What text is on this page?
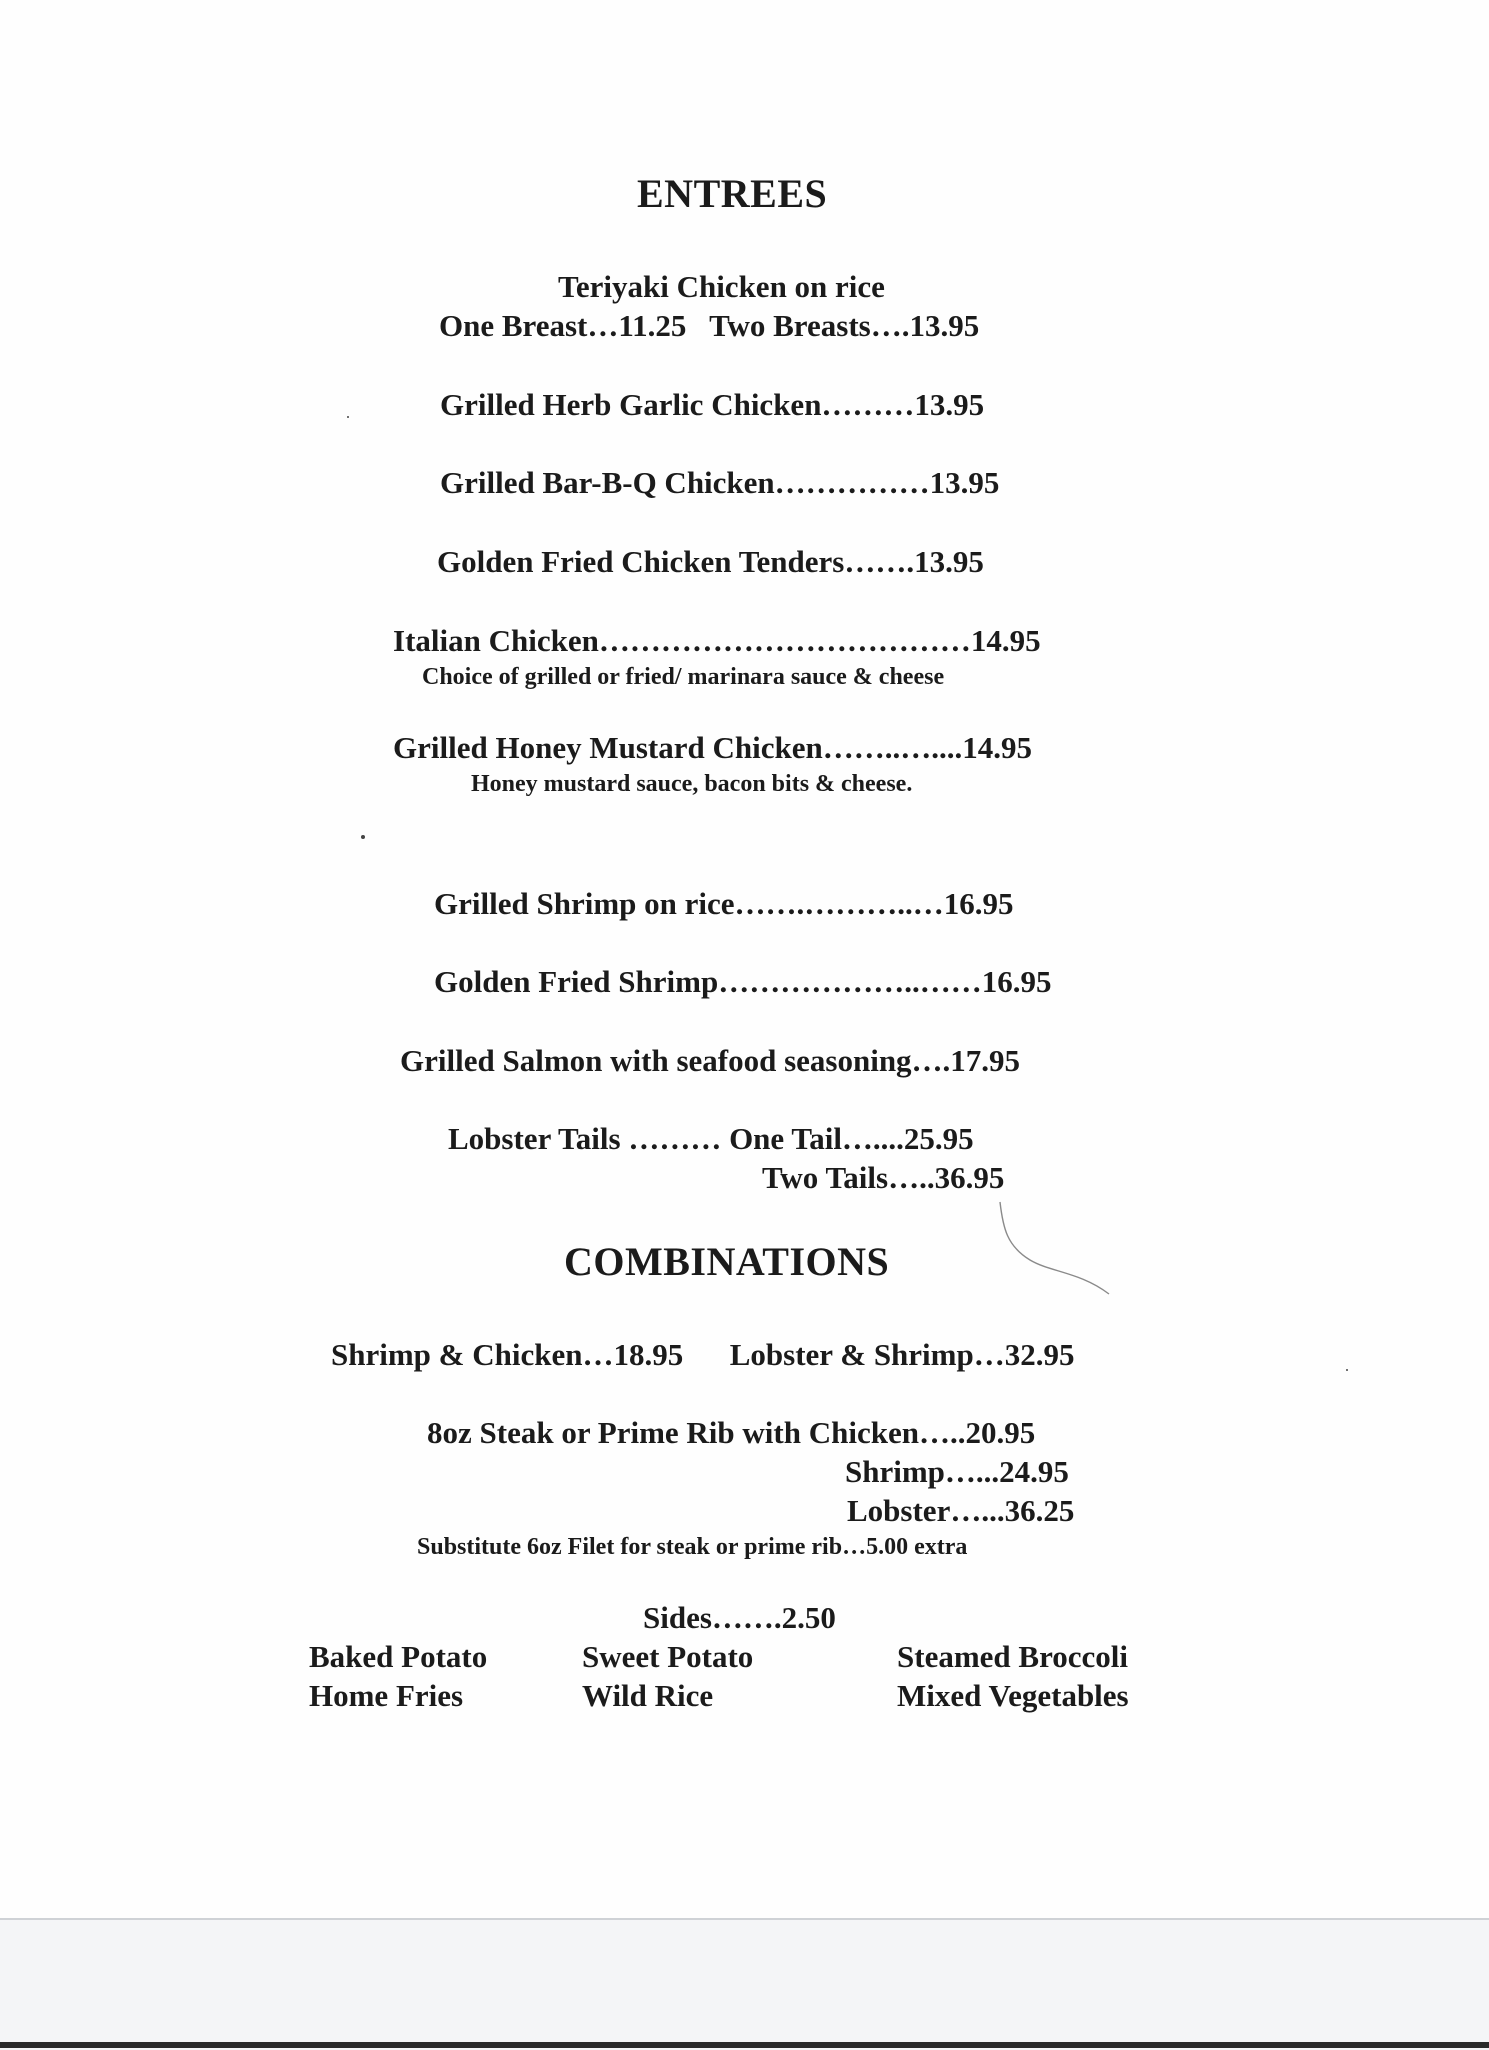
ENTREES
Teriyaki Chicken on rice
One Breast…11.25   Two Breasts….13.95
Grilled Herb Garlic Chicken………13.95
Grilled Bar-B-Q Chicken……………13.95
Golden Fried Chicken Tenders…….13.95
Italian Chicken………………………………14.95
Choice of grilled or fried/ marinara sauce & cheese
Grilled Honey Mustard Chicken……..…....14.95
Honey mustard sauce, bacon bits & cheese.
Grilled Shrimp on rice…….………..…16.95
Golden Fried Shrimp………………..……16.95
Grilled Salmon with seafood seasoning….17.95
Lobster Tails ……… One Tail…....25.95
Two Tails…..36.95
COMBINATIONS
Shrimp & Chicken…18.95      Lobster & Shrimp…32.95
8oz Steak or Prime Rib with Chicken…..20.95
Shrimp…...24.95
Lobster…...36.25
Substitute 6oz Filet for steak or prime rib…5.00 extra
Sides…….2.50
Baked Potato
Home Fries
Sweet Potato
Wild Rice
Steamed Broccoli
Mixed Vegetables
